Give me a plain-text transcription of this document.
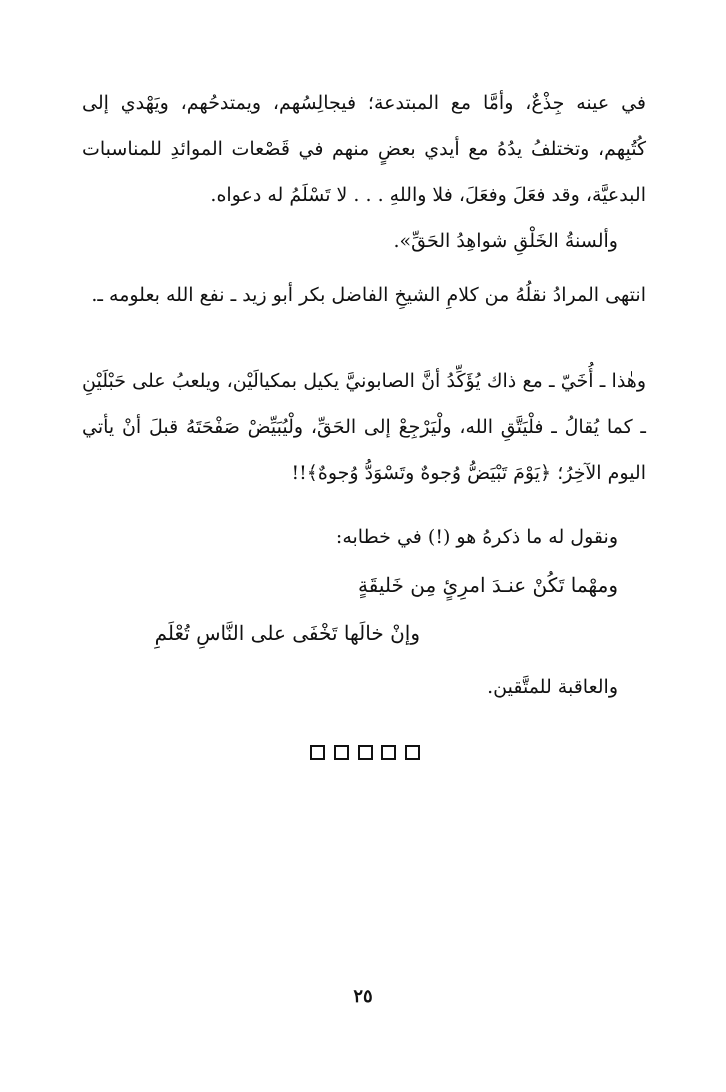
في عينه جِذْعٌ، وأمَّا مع المبتدعة؛ فيجالِسُهم، ويمتدحُهم، ويَهْدي إلى كُتُبِهم، وتختلفُ يدُهُ مع أيدي بعضٍ منهم في قَصْعات الموائدِ للمناسبات البدعيَّة، وقد فعَلَ وفعَلَ، فلا واللهِ . . . لا تَسْلَمُ له دعواه.

وألسنةُ الخَلْقِ شواهِدُ الحَقِّ».

انتهى المرادُ نقلُهُ من كلامِ الشيخِ الفاضل بكر أبو زيد ـ نفع الله بعلومه ـ.

وهٰذا ـ أُخَيّ ـ مع ذاك يُؤَكِّدُ أنَّ الصابونيَّ يكيل بمكيالَيْن، ويلعبُ على حَبْلَيْنِ ـ كما يُقالُ ـ فلْيَتَّقِ الله، ولْيَرْجِعْ إلى الحَقِّ، ولْيُبَيِّضْ صَفْحَتَهُ قبلَ أنْ يأتي اليوم الآخِرُ؛ ﴿يَوْمَ تَبْيَضُّ وُجوهٌ وتَسْوَدُّ وُجوهٌ﴾!!

ونقول له ما ذكرهُ هو (!) في خطابه:

ومهْما تَكُنْ عنـدَ امرِئٍ مِن خَليقَةٍ

وإنْ خالَها تَخْفَى على النَّاسِ تُعْلَمِ

والعاقبة للمتَّقين.

٢٥
